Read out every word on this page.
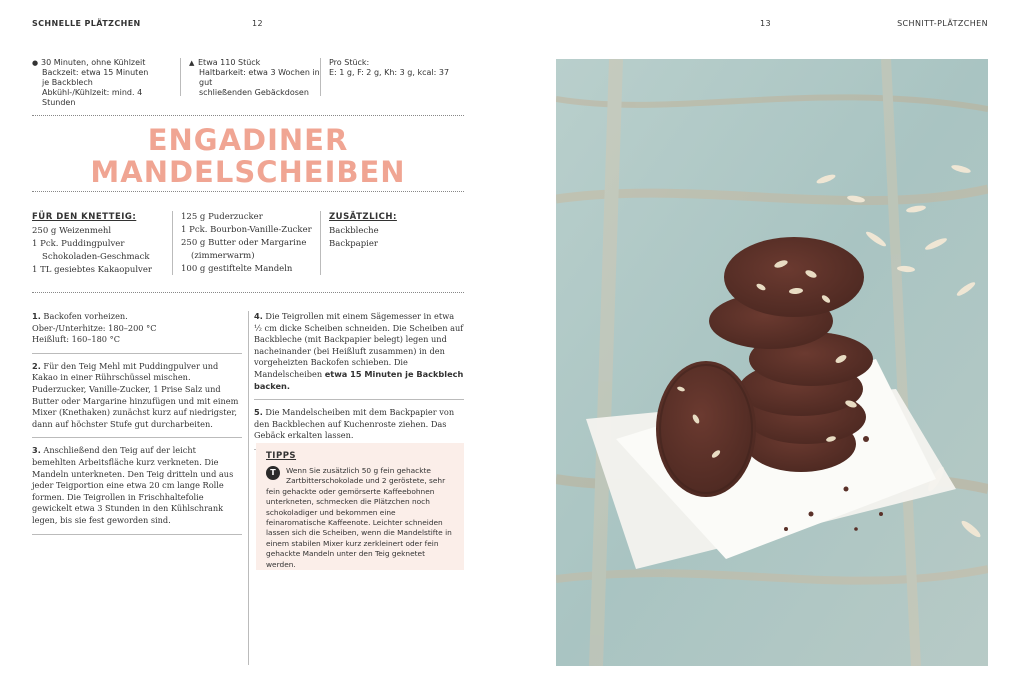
SCHNELLE PLÄTZCHEN	12	13	SCHNITT-PLÄTZCHEN
● 30 Minuten, ohne Kühlzeit
Backzeit: etwa 15 Minuten
je Backblech
Abkühl-/Kühlzeit: mind. 4 Stunden
▲ Etwa 110 Stück
Haltbarkeit: etwa 3 Wochen in gut
schließenden Gebäckdosen
Pro Stück:
E: 1 g, F: 2 g, Kh: 3 g, kcal: 37
ENGADINER
MANDELSCHEIBEN
FÜR DEN KNETTEIG:
250 g Weizenmehl
1 Pck. Puddingpulver
Schokoladen-Geschmack
1 TL gesiebtes Kakaopulver
125 g Puderzucker
1 Pck. Bourbon-Vanille-Zucker
250 g Butter oder Margarine
(zimmerwarm)
100 g gestiftelte Mandeln
ZUSÄTZLICH:
Backbleche
Backpapier
1. Backofen vorheizen.
Ober-/Unterhitze: 180–200 °C
Heißluft: 160–180 °C
2. Für den Teig Mehl mit Puddingpulver und Kakao in einer Rührschüssel mischen. Puderzucker, Vanille-Zucker, 1 Prise Salz und Butter oder Margarine hinzufügen und mit einem Mixer (Knethaken) zunächst kurz auf niedrigster, dann auf höchster Stufe gut durcharbeiten.
3. Anschließend den Teig auf der leicht bemehlten Arbeitsfläche kurz verkneten. Die Mandeln unterkneten. Den Teig dritteln und aus jeder Teigportion eine etwa 20 cm lange Rolle formen. Die Teigrollen in Frischhaltefolie gewickelt etwa 3 Stunden in den Kühlschrank legen, bis sie fest geworden sind.
4. Die Teigrollen mit einem Sägemesser in etwa ½ cm dicke Scheiben schneiden. Die Scheiben auf Backbleche (mit Backpapier belegt) legen und nacheinander (bei Heißluft zusammen) in den vorgeheizten Backofen schieben. Die Mandelscheiben etwa 15 Minuten je Backblech backen.
5. Die Mandelscheiben mit dem Backpapier von den Backblechen auf Kuchenroste ziehen. Das Gebäck erkalten lassen.
TIPPS
T	Wenn Sie zusätzlich 50 g fein gehackte Zartbitterschokolade und 2 geröstete, sehr fein gehackte oder gemörserte Kaffeebohnen unterkneten, schmecken die Plätzchen noch schokoladiger und bekommen eine feinaromatische Kaffeenote. Leichter schneiden lassen sich die Scheiben, wenn die Mandelstifte in einem stabilen Mixer kurz zerkleinert oder fein gehackte Mandeln unter den Teig geknetet werden.
